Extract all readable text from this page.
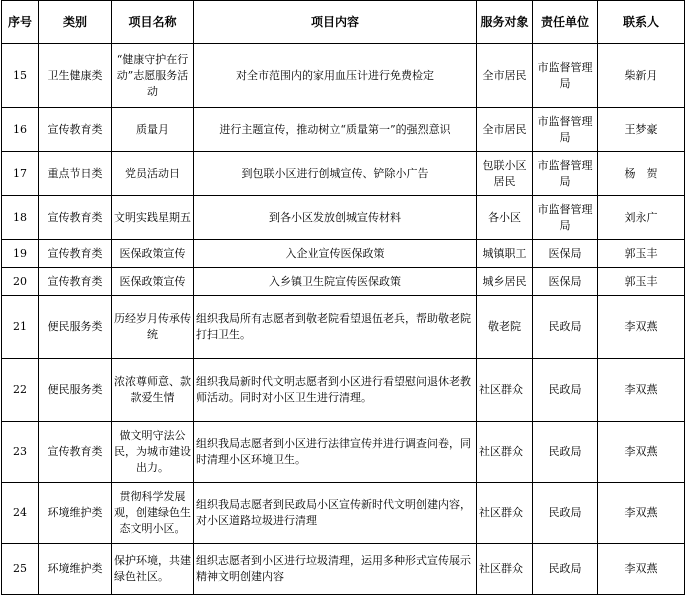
序号	类别	项目名称	项目内容	服务对象	责任单位	联系人
15	卫生健康类	“健康守护在行动”志愿服务活动	对全市范围内的家用血压计进行免费检定	全市居民	市监督管理局	柴新月
16	宣传教育类	质量月	进行主题宣传，推动树立“质量第一”的强烈意识	全市居民	市监督管理局	王梦豪
17	重点节日类	党员活动日	到包联小区进行创城宣传、铲除小广告	包联小区居民	市监督管理局	杨　贺
18	宣传教育类	文明实践星期五	到各小区发放创城宣传材料	各小区	市监督管理局	刘永广
19	宣传教育类	医保政策宣传	入企业宣传医保政策	城镇职工	医保局	郭玉丰
20	宣传教育类	医保政策宣传	入乡镇卫生院宣传医保政策	城乡居民	医保局	郭玉丰
21	便民服务类	历经岁月传承传统	组织我局所有志愿者到敬老院看望退伍老兵，帮助敬老院打扫卫生。	敬老院	民政局	李双燕
22	便民服务类	浓浓尊师意、款款爱生情	组织我局新时代文明志愿者到小区进行看望慰问退休老教师活动。同时对小区卫生进行清理。	社区群众	民政局	李双燕
23	宣传教育类	做文明守法公民，为城市建设出力。	组织我局志愿者到小区进行法律宣传并进行调查问卷，同时清理小区环境卫生。	社区群众	民政局	李双燕
24	环境维护类	贯彻科学发展观，创建绿色生态文明小区。	组织我局志愿者到民政局小区宣传新时代文明创建内容，对小区道路垃圾进行清理	社区群众	民政局	李双燕
25	环境维护类	保护环境，共建绿色社区。	组织志愿者到小区进行垃圾清理，运用多种形式宣传展示精神文明创建内容	社区群众	民政局	李双燕
